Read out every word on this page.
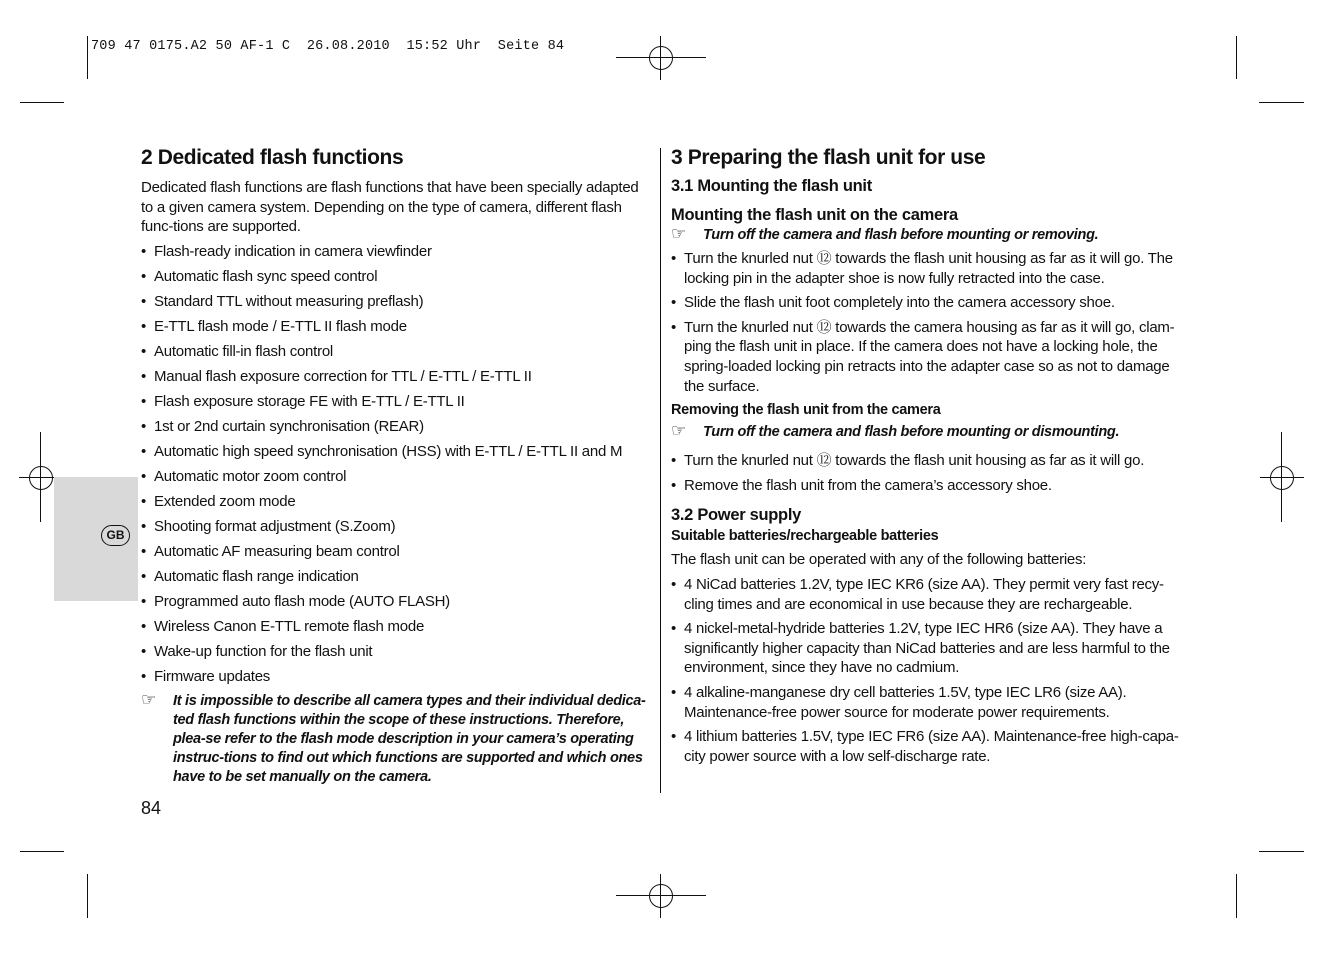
709 47 0175.A2 50 AF-1 C  26.08.2010  15:52 Uhr  Seite 84
GB
2 Dedicated flash functions

Dedicated flash functions are flash functions that have been specially adapted to a given camera system. Depending on the type of camera, different flash func-tions are supported.

• Flash-ready indication in camera viewfinder
• Automatic flash sync speed control
• Standard TTL without measuring preflash)
• E-TTL flash mode / E-TTL II flash mode
• Automatic fill-in flash control
• Manual flash exposure correction for TTL / E-TTL / E-TTL II
• Flash exposure storage FE with E-TTL / E-TTL II
• 1st or 2nd curtain synchronisation (REAR)
• Automatic high speed synchronisation (HSS) with E-TTL / E-TTL II and M
• Automatic motor zoom control
• Extended zoom mode
• Shooting format adjustment (S.Zoom)
• Automatic AF measuring beam control
• Automatic flash range indication
• Programmed auto flash mode (AUTO FLASH)
• Wireless Canon E-TTL remote flash mode
• Wake-up function for the flash unit
• Firmware updates
☞ It is impossible to describe all camera types and their individual dedica-ted flash functions within the scope of these instructions. Therefore, plea-se refer to the flash mode description in your camera’s operating instruc-tions to find out which functions are supported and which ones have to be set manually on the camera.
84
3 Preparing the flash unit for use
3.1 Mounting the flash unit
Mounting the flash unit on the camera
☞ Turn off the camera and flash before mounting or removing.
• Turn the knurled nut ⑫ towards the flash unit housing as far as it will go. The locking pin in the adapter shoe is now fully retracted into the case.
• Slide the flash unit foot completely into the camera accessory shoe.
• Turn the knurled nut ⑫ towards the camera housing as far as it will go, clam-ping the flash unit in place. If the camera does not have a locking hole, the spring-loaded locking pin retracts into the adapter case so as not to damage the surface.
Removing the flash unit from the camera
☞ Turn off the camera and flash before mounting or dismounting.
• Turn the knurled nut ⑫ towards the flash unit housing as far as it will go.
• Remove the flash unit from the camera’s accessory shoe.
3.2 Power supply
Suitable batteries/rechargeable batteries

The flash unit can be operated with any of the following batteries:

• 4 NiCad batteries 1.2V, type IEC KR6 (size AA). They permit very fast recy-cling times and are economical in use because they are rechargeable.
• 4 nickel-metal-hydride batteries 1.2V, type IEC HR6 (size AA). They have a significantly higher capacity than NiCad batteries and are less harmful to the environment, since they have no cadmium.
• 4 alkaline-manganese dry cell batteries 1.5V, type IEC LR6 (size AA). Maintenance-free power source for moderate power requirements.
• 4 lithium batteries 1.5V, type IEC FR6 (size AA). Maintenance-free high-capa-city power source with a low self-discharge rate.
